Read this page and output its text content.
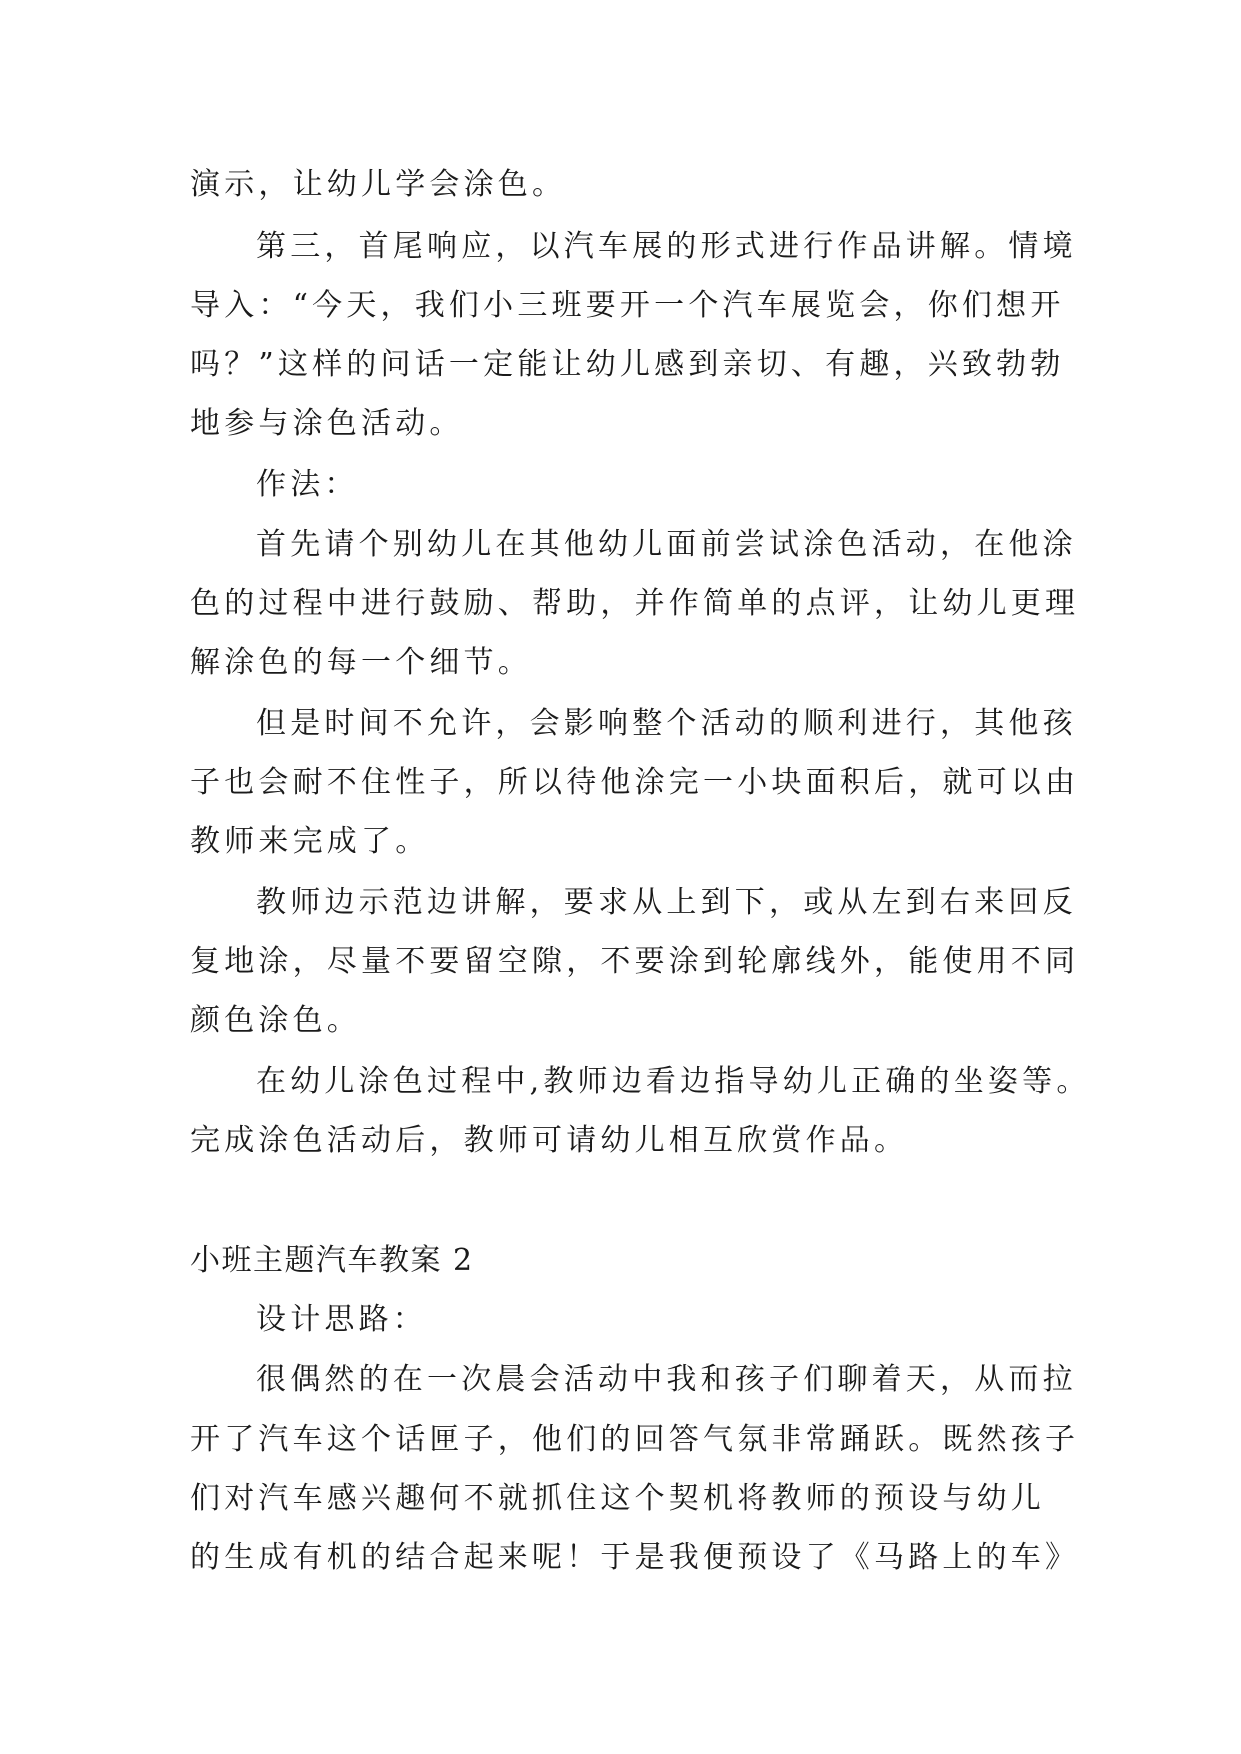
演示，让幼儿学会涂色。
第三，首尾响应，以汽车展的形式进行作品讲解。情境
导入：“今天，我们小三班要开一个汽车展览会，你们想开
吗？”这样的问话一定能让幼儿感到亲切、有趣，兴致勃勃
地参与涂色活动。
作法：
首先请个别幼儿在其他幼儿面前尝试涂色活动，在他涂
色的过程中进行鼓励、帮助，并作简单的点评，让幼儿更理
解涂色的每一个细节。
但是时间不允许，会影响整个活动的顺利进行，其他孩
子也会耐不住性子，所以待他涂完一小块面积后，就可以由
教师来完成了。
教师边示范边讲解，要求从上到下，或从左到右来回反
复地涂，尽量不要留空隙，不要涂到轮廓线外，能使用不同
颜色涂色。
在幼儿涂色过程中,教师边看边指导幼儿正确的坐姿等。
完成涂色活动后，教师可请幼儿相互欣赏作品。
小班主题汽车教案 2
设计思路：
很偶然的在一次晨会活动中我和孩子们聊着天，从而拉
开了汽车这个话匣子，他们的回答气氛非常踊跃。既然孩子
们对汽车感兴趣何不就抓住这个契机将教师的预设与幼儿
的生成有机的结合起来呢！于是我便预设了《马路上的车》
